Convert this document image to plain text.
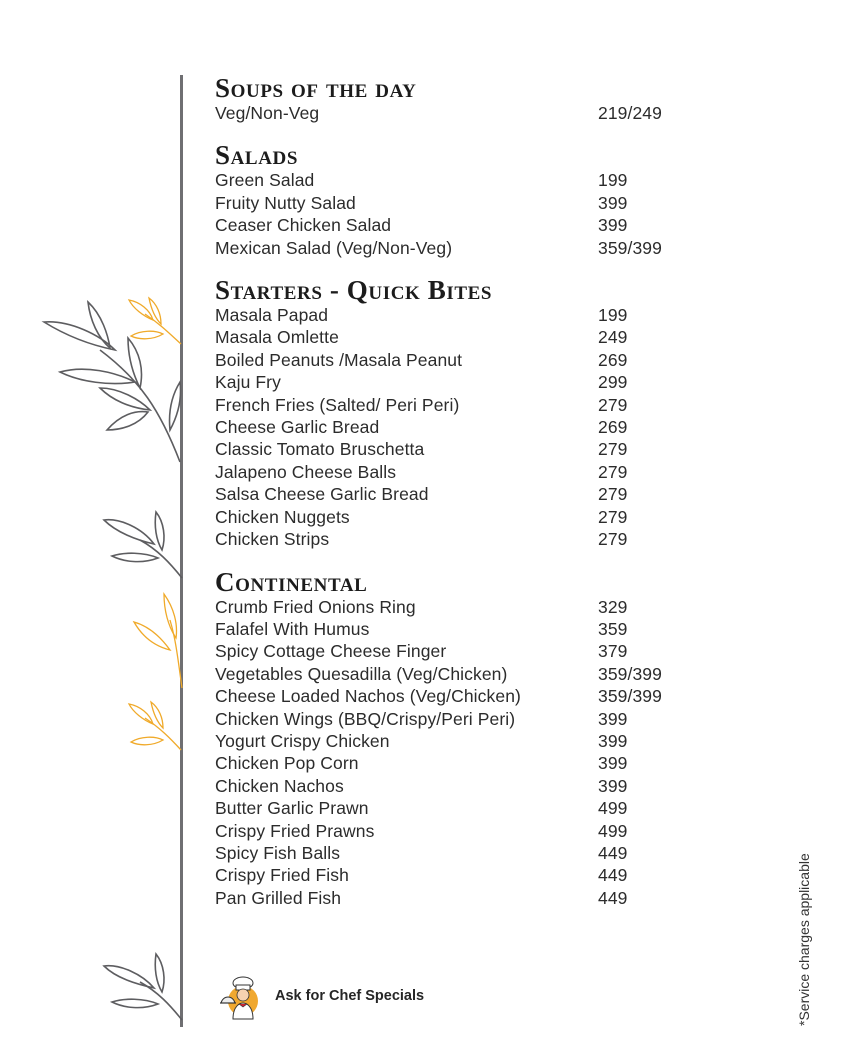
Soups of the day
Veg/Non-Veg	219/249
Salads
Green Salad	199
Fruity Nutty Salad	399
Ceaser Chicken Salad	399
Mexican Salad (Veg/Non-Veg)	359/399
Starters - Quick Bites
Masala Papad	199
Masala Omlette	249
Boiled Peanuts /Masala Peanut	269
Kaju Fry	299
French Fries (Salted/ Peri Peri)	279
Cheese Garlic Bread	269
Classic Tomato Bruschetta	279
Jalapeno Cheese Balls	279
Salsa Cheese Garlic Bread	279
Chicken Nuggets	279
Chicken Strips	279
Continental
Crumb Fried Onions Ring	329
Falafel With Humus	359
Spicy Cottage Cheese Finger	379
Vegetables Quesadilla (Veg/Chicken)	359/399
Cheese Loaded Nachos (Veg/Chicken)	359/399
Chicken Wings (BBQ/Crispy/Peri Peri)	399
Yogurt Crispy Chicken	399
Chicken Pop Corn	399
Chicken Nachos	399
Butter Garlic Prawn	499
Crispy Fried Prawns	499
Spicy Fish Balls	449
Crispy Fried Fish	449
Pan Grilled Fish	449
Ask for Chef Specials	*Service charges applicable
